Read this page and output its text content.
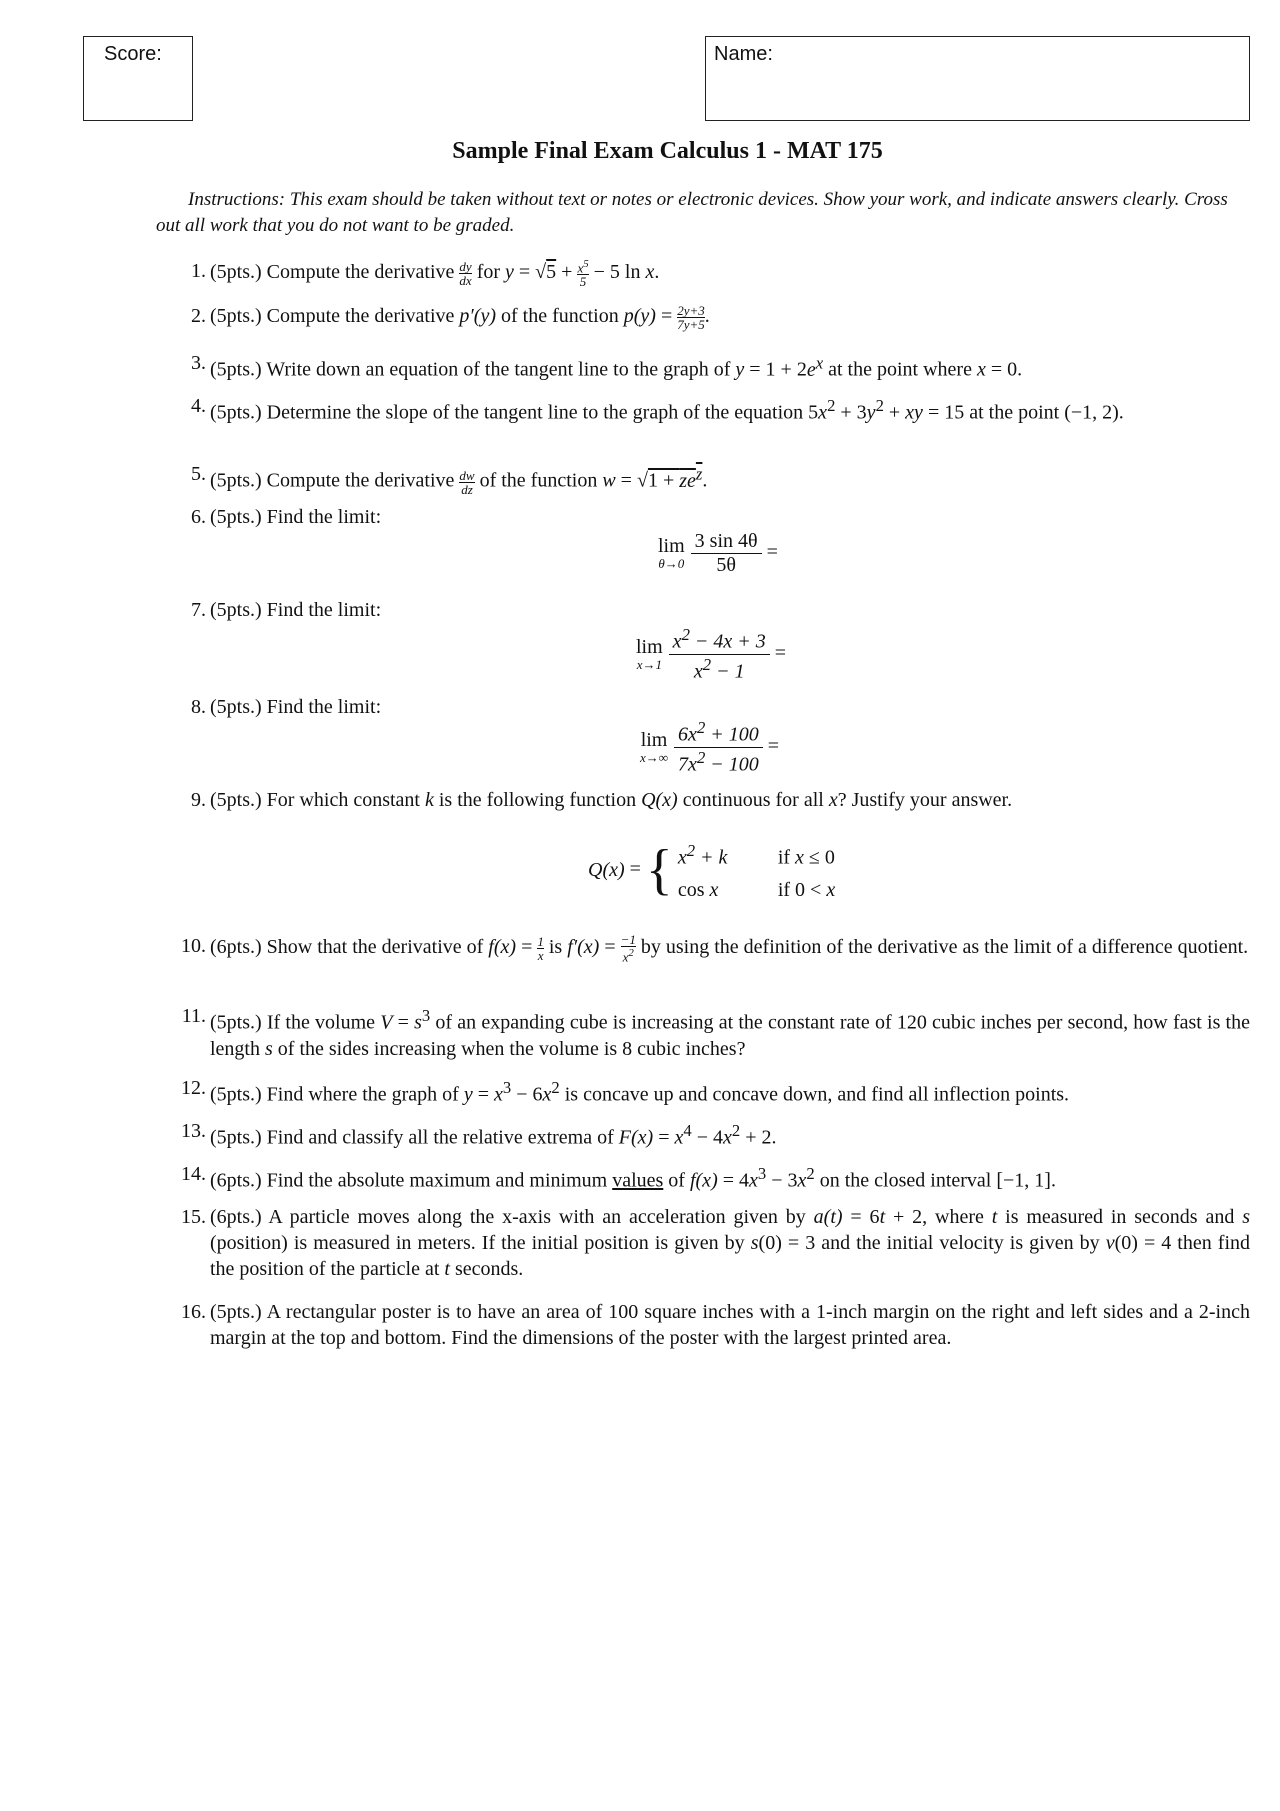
Score:	Name:
Sample Final Exam Calculus 1 - MAT 175
Instructions: This exam should be taken without text or notes or electronic devices. Show your work, and indicate answers clearly. Cross out all work that you do not want to be graded.
1. (5pts.) Compute the derivative $\frac{dy}{dx}$ for $y = √5 + \frac{x^5}{5} - 5$ ln x.
2. (5pts.) Compute the derivative p′(y) of the function $p(y) = \frac{2y+3}{7y+5}$ .
3. (5pts.) Write down an equation of the tangent line to the graph of $y = 1 + 2e^x$ at the point where x = 0.
4. (5pts.) Determine the slope of the tangent line to the graph of the equation $5x^2 + 3y^2$ + xy = 15 at the point (−1, 2).
5. (5pts.) Compute the derivative $\frac{dw}{dz}$ of the function $w = √1 + ze^z$.
6. (5pts.) Find the limit:
lim
$\theta\to 0 \frac{3 \sin 4\theta}{5\theta}$ =
7. (5pts.) Find the limit:
lim
$x\to 1 \frac{x^2 - 4x + 3}{x^2 - 1}$ =
8. (5pts.) Find the limit:
lim
$x\to\infty \frac{6x^2 + 100}{7x^2 - 100}$ =
9. (5pts.) For which constant k is the following function Q(x) continuous for all x? Justify your answer.
Q(x) = { $x^2 + k$	if x ≤ 0
cos x	if 0 < x
10. (6pts.) Show that the derivative of $f(x) = \frac{1}{x}$ is $f'(x) = \frac{-1}{x^2}$ by using the definition of the derivative as the limit of a difference quotient.
11. (5pts.) If the volume $V = s^3$ of an expanding cube is increasing at the constant rate of 120 cubic inches per second, how fast is the length s of the sides increasing when the volume is 8 cubic inches?
12. (5pts.) Find where the graph of $y = x^3 - 6x^2$ is concave up and concave down, and find all inflection points.
13. (5pts.) Find and classify all the relative extrema of $F(x) = x^4 - 4x^2 + 2$.
14. (6pts.) Find the absolute maximum and minimum values of $f(x) = 4x^3 - 3x^2$ on the closed interval [−1, 1].
15. (6pts.) A particle moves along the x-axis with an acceleration given by a(t) = 6t + 2, where t is measured in seconds and s (position) is measured in meters. If the initial position is given by s(0) = 3 and the initial velocity is given by v(0) = 4 then find the position of the particle at t seconds.
16. (5pts.) A rectangular poster is to have an area of 100 square inches with a 1-inch margin on the right and left sides and a 2-inch margin at the top and bottom. Find the dimensions of the poster with the largest printed area.
